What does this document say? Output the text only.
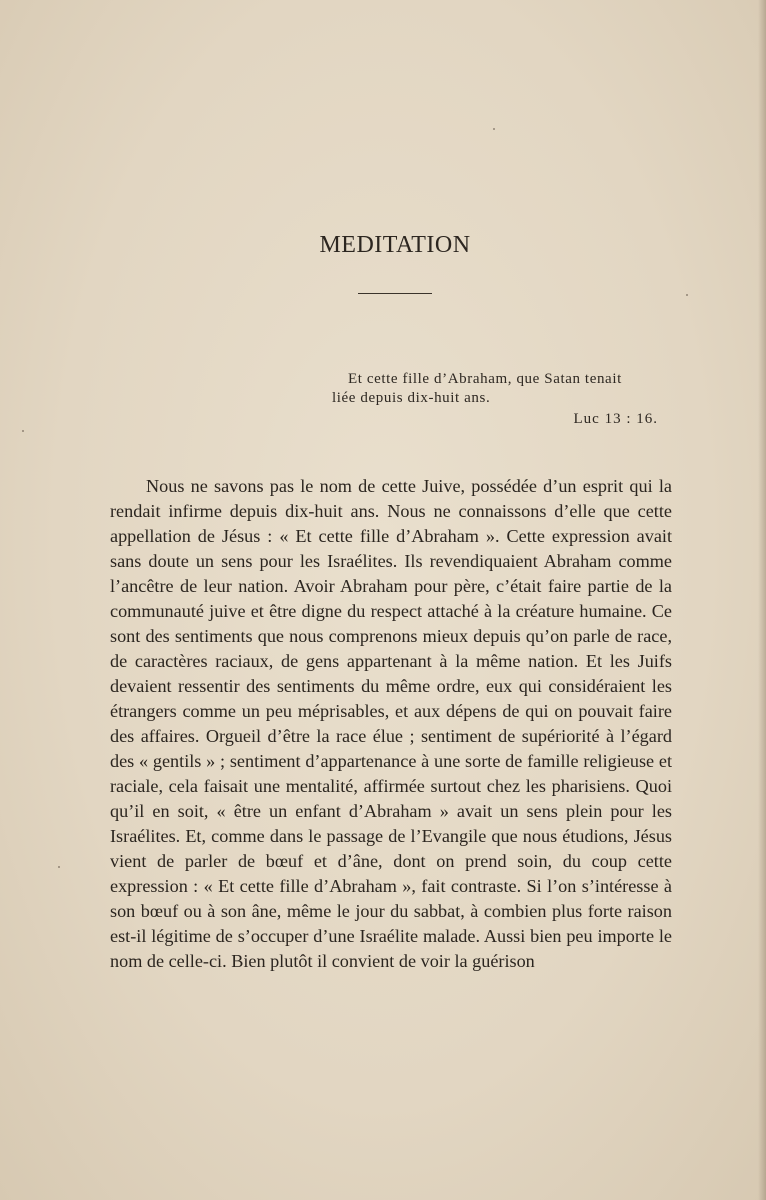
MEDITATION
Et cette fille d’Abraham, que Satan tenait
liée depuis dix-huit ans.
Luc 13 : 16.

Nous ne savons pas le nom de cette Juive, possédée d’un esprit qui la rendait infirme depuis dix-huit ans. Nous ne connaissons d’elle que cette appellation de Jésus : « Et cette fille d’Abraham ». Cette expression avait sans doute un sens pour les Israélites. Ils revendiquaient Abraham comme l’ancêtre de leur nation. Avoir Abraham pour père, c’était faire partie de la communauté juive et être digne du respect attaché à la créature humaine. Ce sont des sentiments que nous comprenons mieux depuis qu’on parle de race, de caractères raciaux, de gens appartenant à la même nation. Et les Juifs devaient ressentir des sentiments du même ordre, eux qui considéraient les étrangers comme un peu méprisables, et aux dépens de qui on pouvait faire des affaires. Orgueil d’être la race élue ; sentiment de supériorité à l’égard des « gentils » ; sentiment d’appartenance à une sorte de famille religieuse et raciale, cela faisait une mentalité, affirmée surtout chez les pharisiens. Quoi qu’il en soit, « être un enfant d’Abraham » avait un sens plein pour les Israélites. Et, comme dans le passage de l’Evangile que nous étudions, Jésus vient de parler de bœuf et d’âne, dont on prend soin, du coup cette expression : « Et cette fille d’Abraham », fait contraste. Si l’on s’intéresse à son bœuf ou à son âne, même le jour du sabbat, à combien plus forte raison est-il légitime de s’occuper d’une Israélite malade. Aussi bien peu importe le nom de celle-ci. Bien plutôt il convient de voir la guérison
